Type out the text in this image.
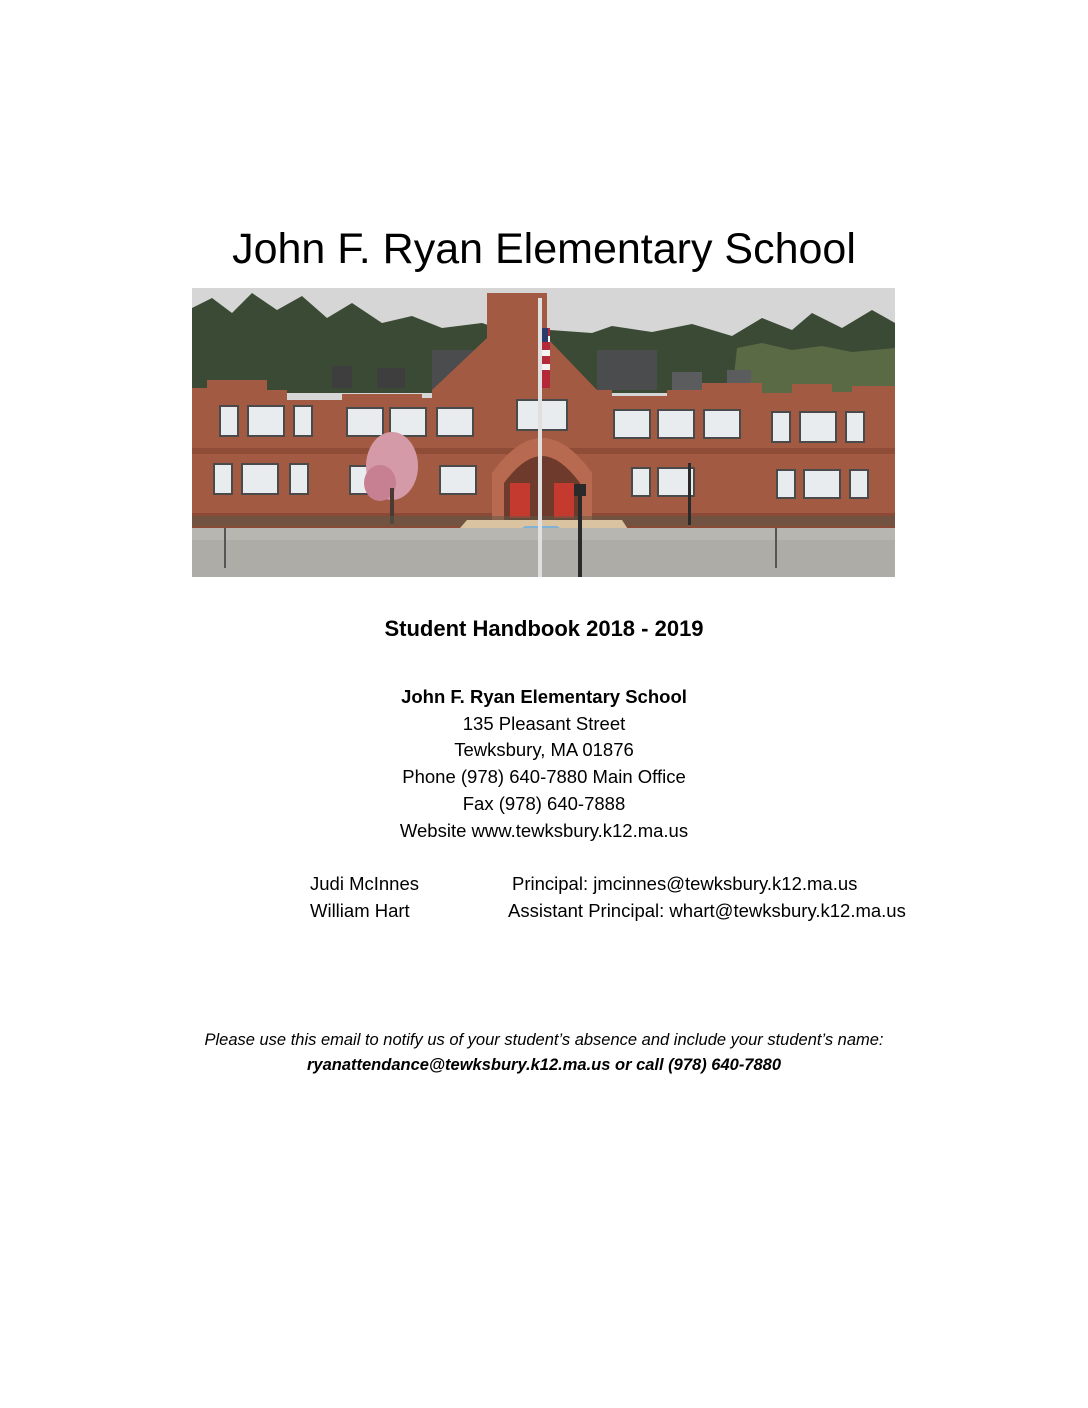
John F. Ryan Elementary School
Student Handbook 2018 - 2019
John F. Ryan Elementary School
135 Pleasant Street
Tewksbury, MA 01876
Phone (978) 640-7880 Main Office
Fax (978) 640-7888
Website www.tewksbury.k12.ma.us
Judi McInnes	Principal: jmcinnes@tewksbury.k12.ma.us
William Hart	Assistant Principal: whart@tewksbury.k12.ma.us
Please use this email to notify us of your student’s absence and include your student’s name:
ryanattendance@tewksbury.k12.ma.us or call (978) 640-7880
